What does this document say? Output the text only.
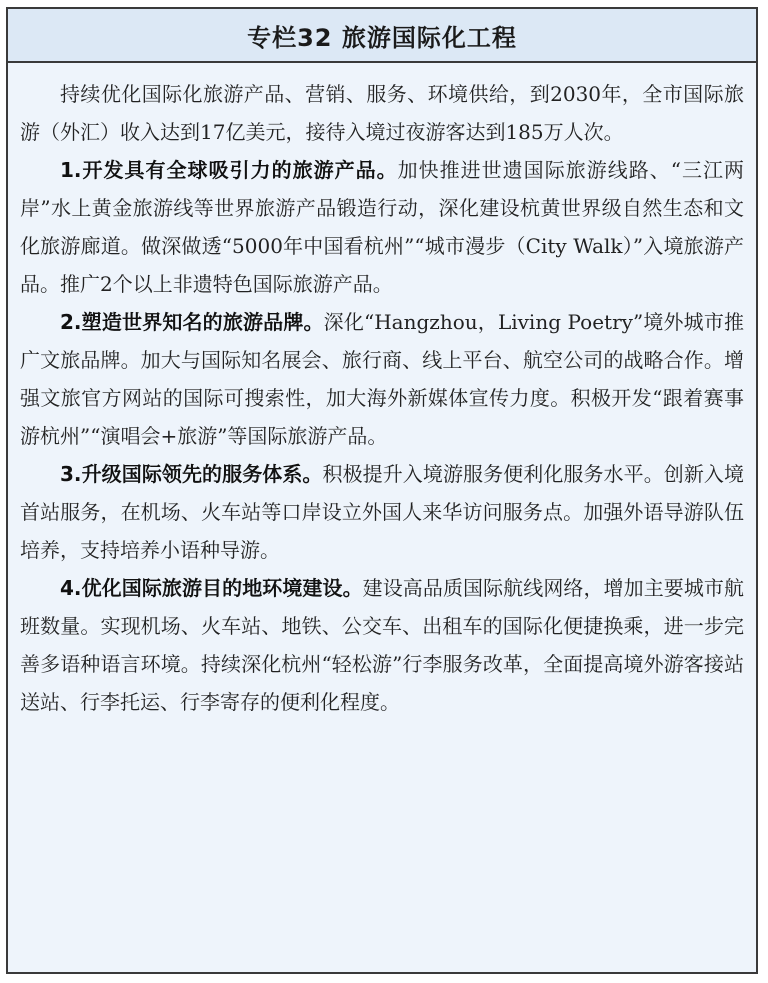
专栏32 旅游国际化工程

持续优化国际化旅游产品、营销、服务、环境供给，到2030年，全市国际旅游（外汇）收入达到17亿美元，接待入境过夜游客达到185万人次。

1.开发具有全球吸引力的旅游产品。加快推进世遗国际旅游线路、“三江两岸”水上黄金旅游线等世界旅游产品锻造行动，深化建设杭黄世界级自然生态和文化旅游廊道。做深做透“5000年中国看杭州”“城市漫步（City Walk）”入境旅游产品。推广2个以上非遗特色国际旅游产品。

2.塑造世界知名的旅游品牌。深化“Hangzhou，Living Poetry”境外城市推广文旅品牌。加大与国际知名展会、旅行商、线上平台、航空公司的战略合作。增强文旅官方网站的国际可搜索性，加大海外新媒体宣传力度。积极开发“跟着赛事游杭州”“演唱会+旅游”等国际旅游产品。

3.升级国际领先的服务体系。积极提升入境游服务便利化服务水平。创新入境首站服务，在机场、火车站等口岸设立外国人来华访问服务点。加强外语导游队伍培养，支持培养小语种导游。

4.优化国际旅游目的地环境建设。建设高品质国际航线网络，增加主要城市航班数量。实现机场、火车站、地铁、公交车、出租车的国际化便捷换乘，进一步完善多语种语言环境。持续深化杭州“轻松游”行李服务改革，全面提高境外游客接站送站、行李托运、行李寄存的便利化程度。
